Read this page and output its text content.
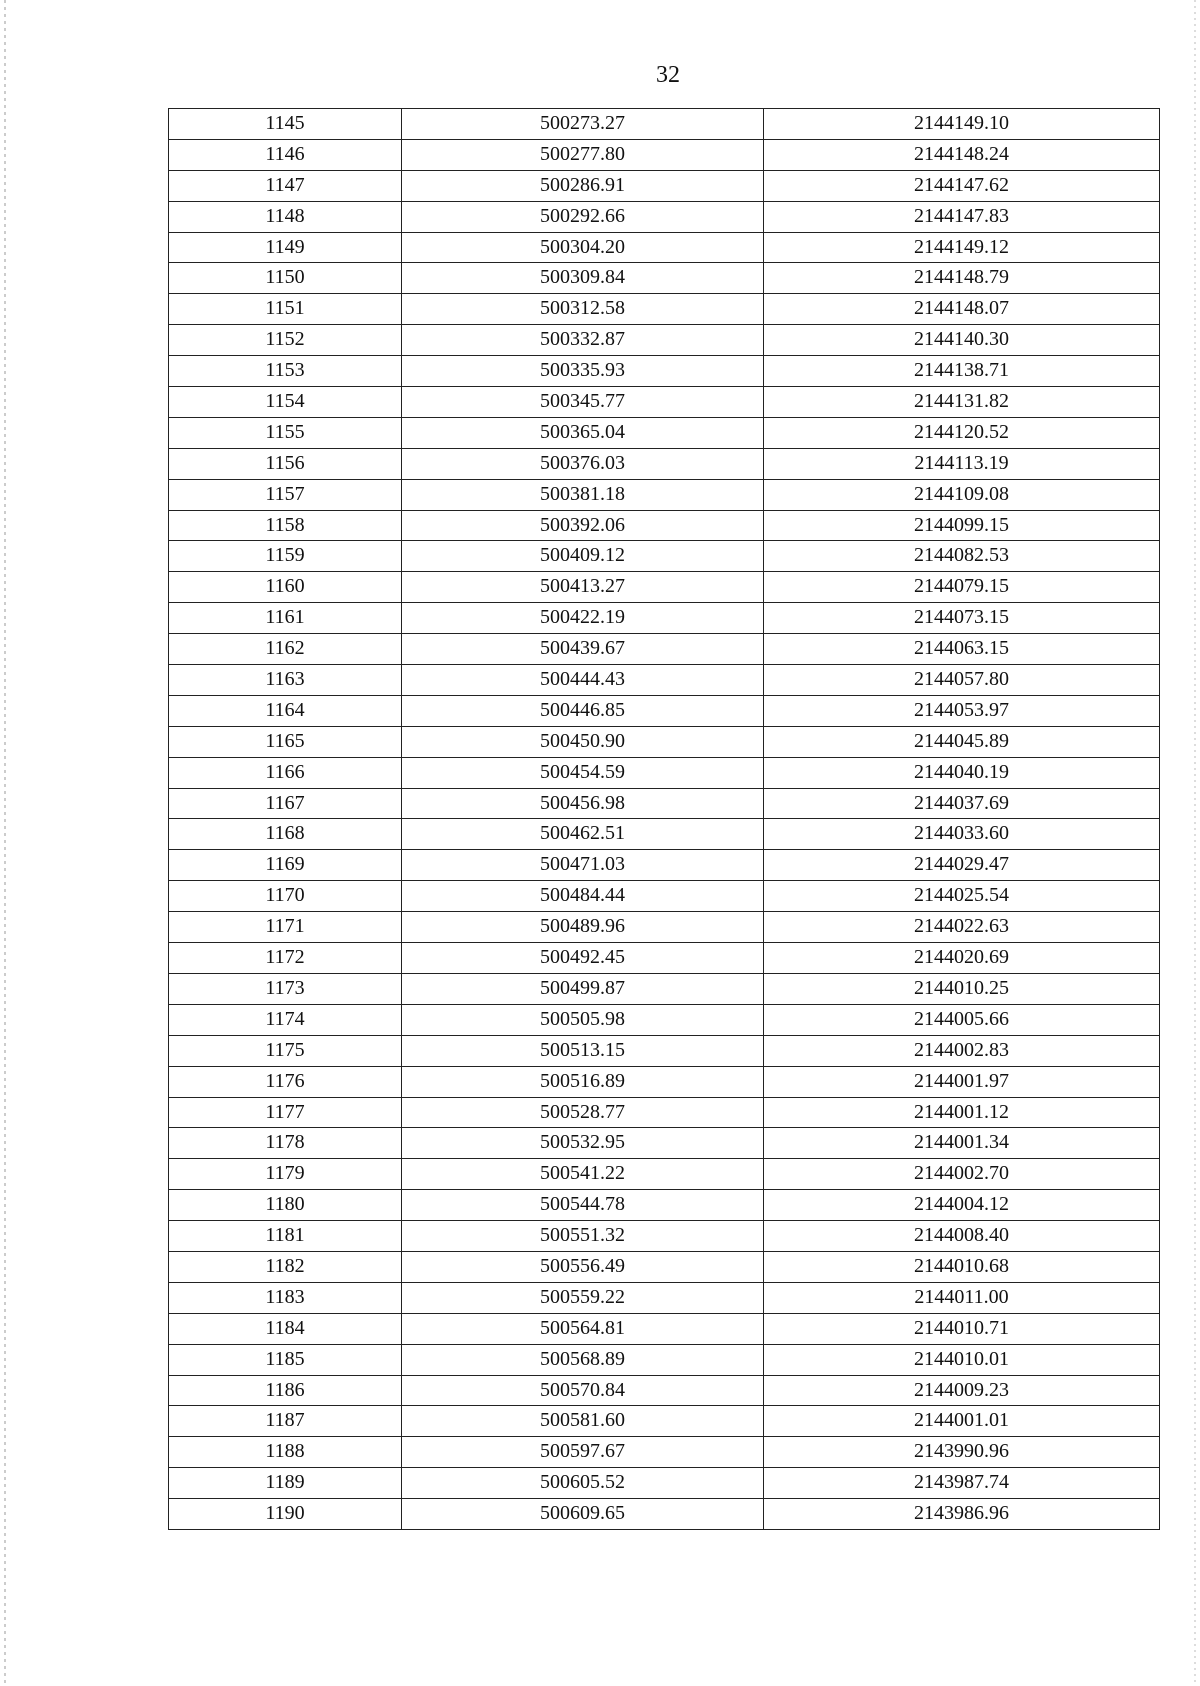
32
1145	500273.27	2144149.10
1146	500277.80	2144148.24
1147	500286.91	2144147.62
1148	500292.66	2144147.83
1149	500304.20	2144149.12
1150	500309.84	2144148.79
1151	500312.58	2144148.07
1152	500332.87	2144140.30
1153	500335.93	2144138.71
1154	500345.77	2144131.82
1155	500365.04	2144120.52
1156	500376.03	2144113.19
1157	500381.18	2144109.08
1158	500392.06	2144099.15
1159	500409.12	2144082.53
1160	500413.27	2144079.15
1161	500422.19	2144073.15
1162	500439.67	2144063.15
1163	500444.43	2144057.80
1164	500446.85	2144053.97
1165	500450.90	2144045.89
1166	500454.59	2144040.19
1167	500456.98	2144037.69
1168	500462.51	2144033.60
1169	500471.03	2144029.47
1170	500484.44	2144025.54
1171	500489.96	2144022.63
1172	500492.45	2144020.69
1173	500499.87	2144010.25
1174	500505.98	2144005.66
1175	500513.15	2144002.83
1176	500516.89	2144001.97
1177	500528.77	2144001.12
1178	500532.95	2144001.34
1179	500541.22	2144002.70
1180	500544.78	2144004.12
1181	500551.32	2144008.40
1182	500556.49	2144010.68
1183	500559.22	2144011.00
1184	500564.81	2144010.71
1185	500568.89	2144010.01
1186	500570.84	2144009.23
1187	500581.60	2144001.01
1188	500597.67	2143990.96
1189	500605.52	2143987.74
1190	500609.65	2143986.96
